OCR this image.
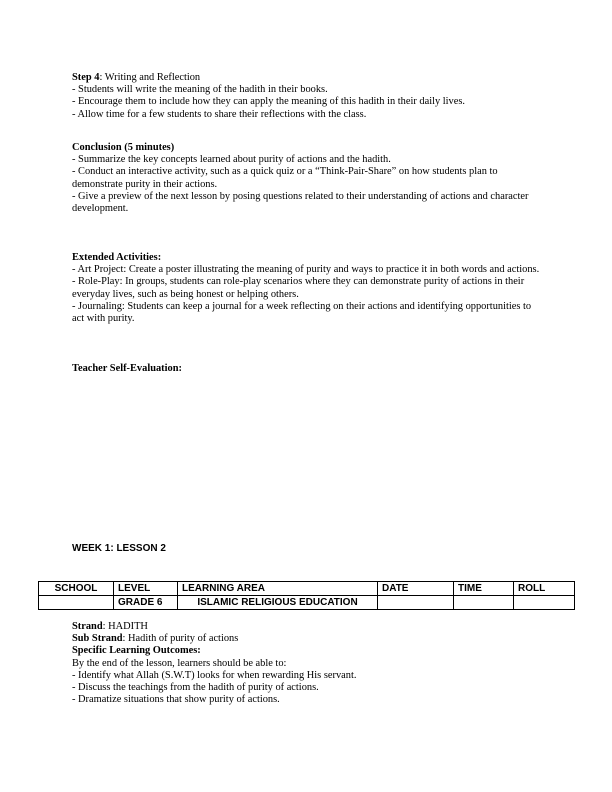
Step 4: Writing and Reflection

- Students will write the meaning of the hadith in their books.

- Encourage them to include how they can apply the meaning of this hadith in their daily lives.

- Allow time for a few students to share their reflections with the class.

Conclusion (5 minutes)

- Summarize the key concepts learned about purity of actions and the hadith.

- Conduct an interactive activity, such as a quick quiz or a “Think-Pair-Share” on how students plan to demonstrate purity in their actions.

- Give a preview of the next lesson by posing questions related to their understanding of actions and character development.

Extended Activities:

- Art Project: Create a poster illustrating the meaning of purity and ways to practice it in both words and actions.

- Role-Play: In groups, students can role-play scenarios where they can demonstrate purity of actions in their everyday lives, such as being honest or helping others.

- Journaling: Students can keep a journal for a week reflecting on their actions and identifying opportunities to act with purity.

Teacher Self-Evaluation:

WEEK 1: LESSON 2
SCHOOL	LEVEL	LEARNING AREA	DATE	TIME	ROLL
	GRADE 6	ISLAMIC RELIGIOUS EDUCATION			

Strand: HADITH

Sub Strand: Hadith of purity of actions

Specific Learning Outcomes:

By the end of the lesson, learners should be able to:

- Identify what Allah (S.W.T) looks for when rewarding His servant.

- Discuss the teachings from the hadith of purity of actions.

- Dramatize situations that show purity of actions.
